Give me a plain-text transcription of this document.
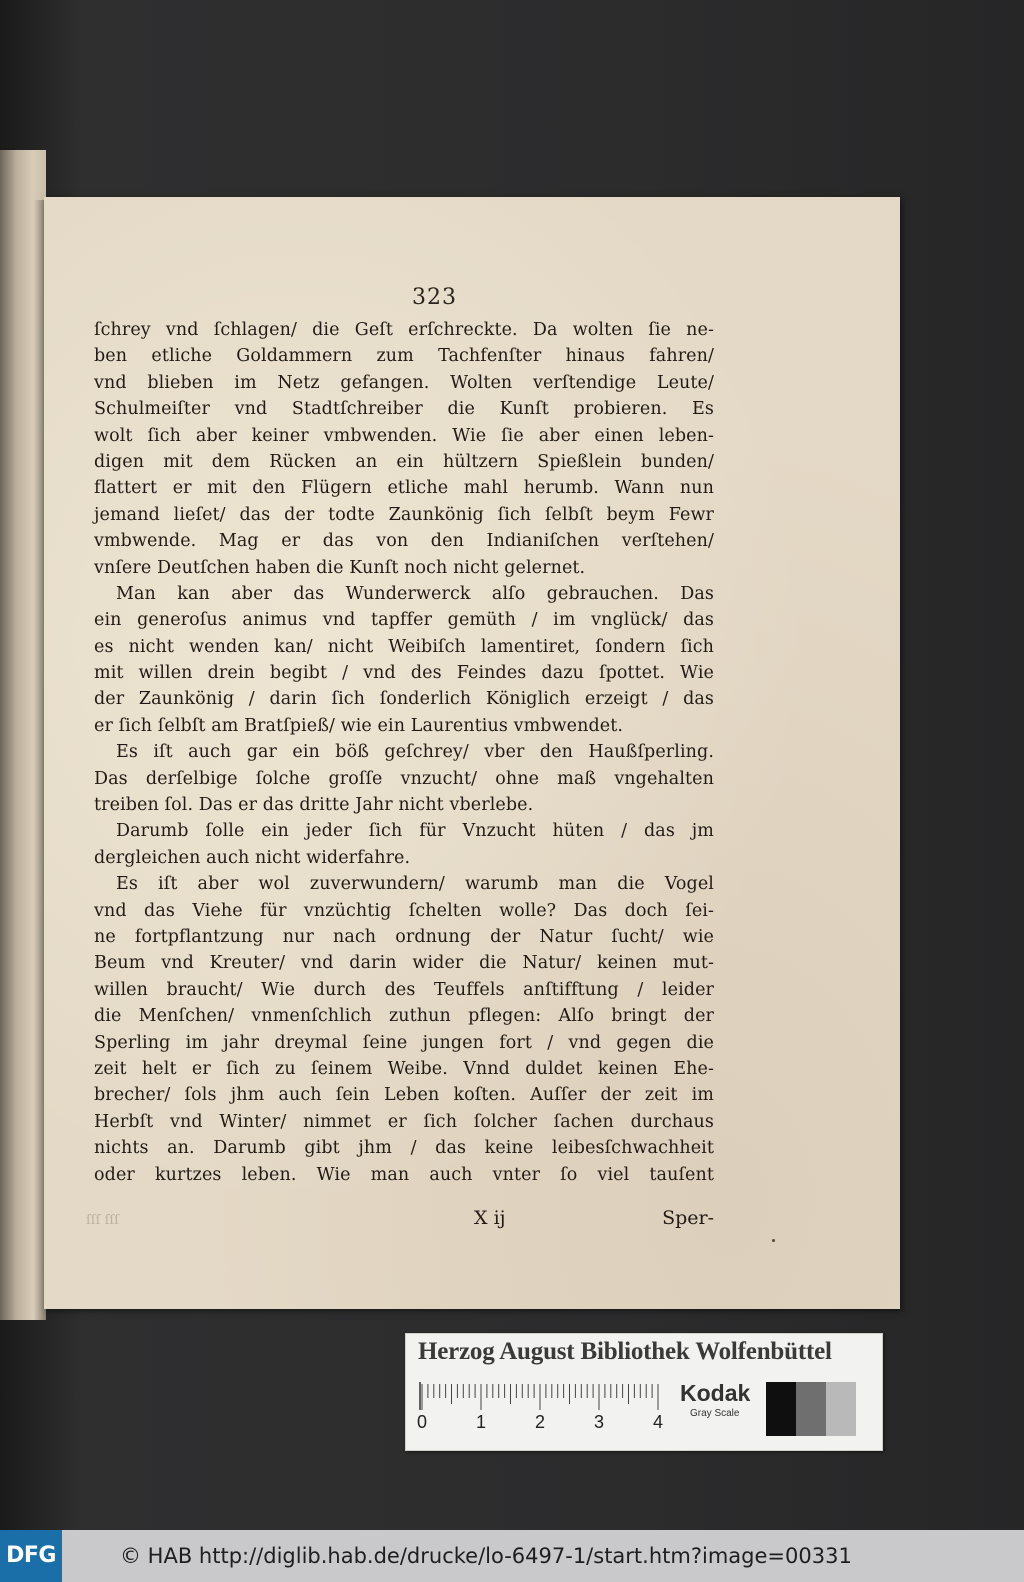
323
ſchrey vnd ſchlagen/ die Geſt erſchreckte. Da wolten ſie ne-
ben etliche Goldammern zum Tachfenſter hinaus fahren/
vnd blieben im Netz gefangen. Wolten verſtendige Leute/
Schulmeiſter vnd Stadtſchreiber die Kunſt probieren. Es
wolt ſich aber keiner vmbwenden. Wie ſie aber einen leben-
digen mit dem Rücken an ein hültzern Spießlein bunden/
flattert er mit den Flügern etliche mahl herumb. Wann nun
jemand lieſet/ das der todte Zaunkönig ſich ſelbſt beym Fewr
vmbwende. Mag er das von den Indianiſchen verſtehen/
vnſere Deutſchen haben die Kunſt noch nicht gelernet.
Man kan aber das Wunderwerck alſo gebrauchen. Das
ein generoſus animus vnd tapffer gemüth / im vnglück/ das
es nicht wenden kan/ nicht Weibiſch lamentiret, ſondern ſich
mit willen drein begibt / vnd des Feindes dazu ſpottet. Wie
der Zaunkönig / darin ſich ſonderlich Königlich erzeigt / das
er ſich ſelbſt am Bratſpieß/ wie ein Laurentius vmbwendet.
Es iſt auch gar ein böß geſchrey/ vber den Haußſperling.
Das derſelbige ſolche groſſe vnzucht/ ohne maß vngehalten
treiben ſol. Das er das dritte Jahr nicht vberlebe.
Darumb ſolle ein jeder ſich für Vnzucht hüten / das jm
dergleichen auch nicht widerfahre.
Es iſt aber wol zuverwundern/ warumb man die Vogel
vnd das Viehe für vnzüchtig ſchelten wolle? Das doch ſei-
ne fortpflantzung nur nach ordnung der Natur ſucht/ wie
Beum vnd Kreuter/ vnd darin wider die Natur/ keinen mut-
willen braucht/ Wie durch des Teuffels anſtifftung / leider
die Menſchen/ vnmenſchlich zuthun pflegen: Alſo bringt der
Sperling im jahr dreymal ſeine jungen fort / vnd gegen die
zeit helt er ſich zu ſeinem Weibe. Vnnd duldet keinen Ehe-
brecher/ ſols jhm auch ſein Leben koſten. Auſſer der zeit im
Herbſt vnd Winter/ nimmet er ſich ſolcher ſachen durchaus
nichts an. Darumb gibt jhm / das keine leibesſchwachheit
oder kurtzes leben. Wie man auch vnter ſo viel tauſent
ſſſ ſſſ	X ij	Sper-
Herzog August Bibliothek Wolfenbüttel
0	1	2	3	4
Kodak
Gray Scale
DFG	© HAB http://diglib.hab.de/drucke/lo-6497-1/start.htm?image=00331
